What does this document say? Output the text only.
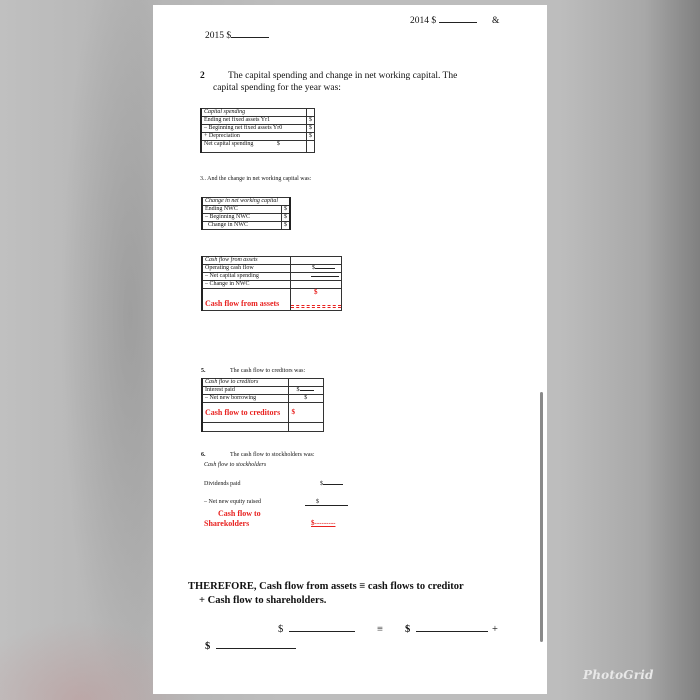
2014 $	&
2015 $
2 The capital spending and change in net working capital. The
capital spending for the year was:
Capital spending	
Ending net fixed assets Yr1	$
– Beginning net fixed assets Yr0	$
+ Depreciation	$
Net capital spending $	
3.. And the change in net working capital was:
Change in net working capital	
Ending NWC	$
– Beginning NWC	$
Change in NWC	$
Cash flow from assets	
Operating cash flow	$
– Net capital spending	
– Change in NWC	
Cash flow from assets	$
5.	The cash flow to creditors was:
Cash flow to creditors	
Interest paid	$
– Net new borrowing	$
Cash flow to creditors	$

6.	The cash flow to stockholders was:
Cash flow to stockholders
Dividends paid	$
– Net new equity raised	$
Cash flow to
Sharekolders	$---------
THEREFORE, Cash flow from assets ≡ cash flows to creditor
+ Cash flow to shareholders.
$	≡ $	+
$
PhotoGrid
